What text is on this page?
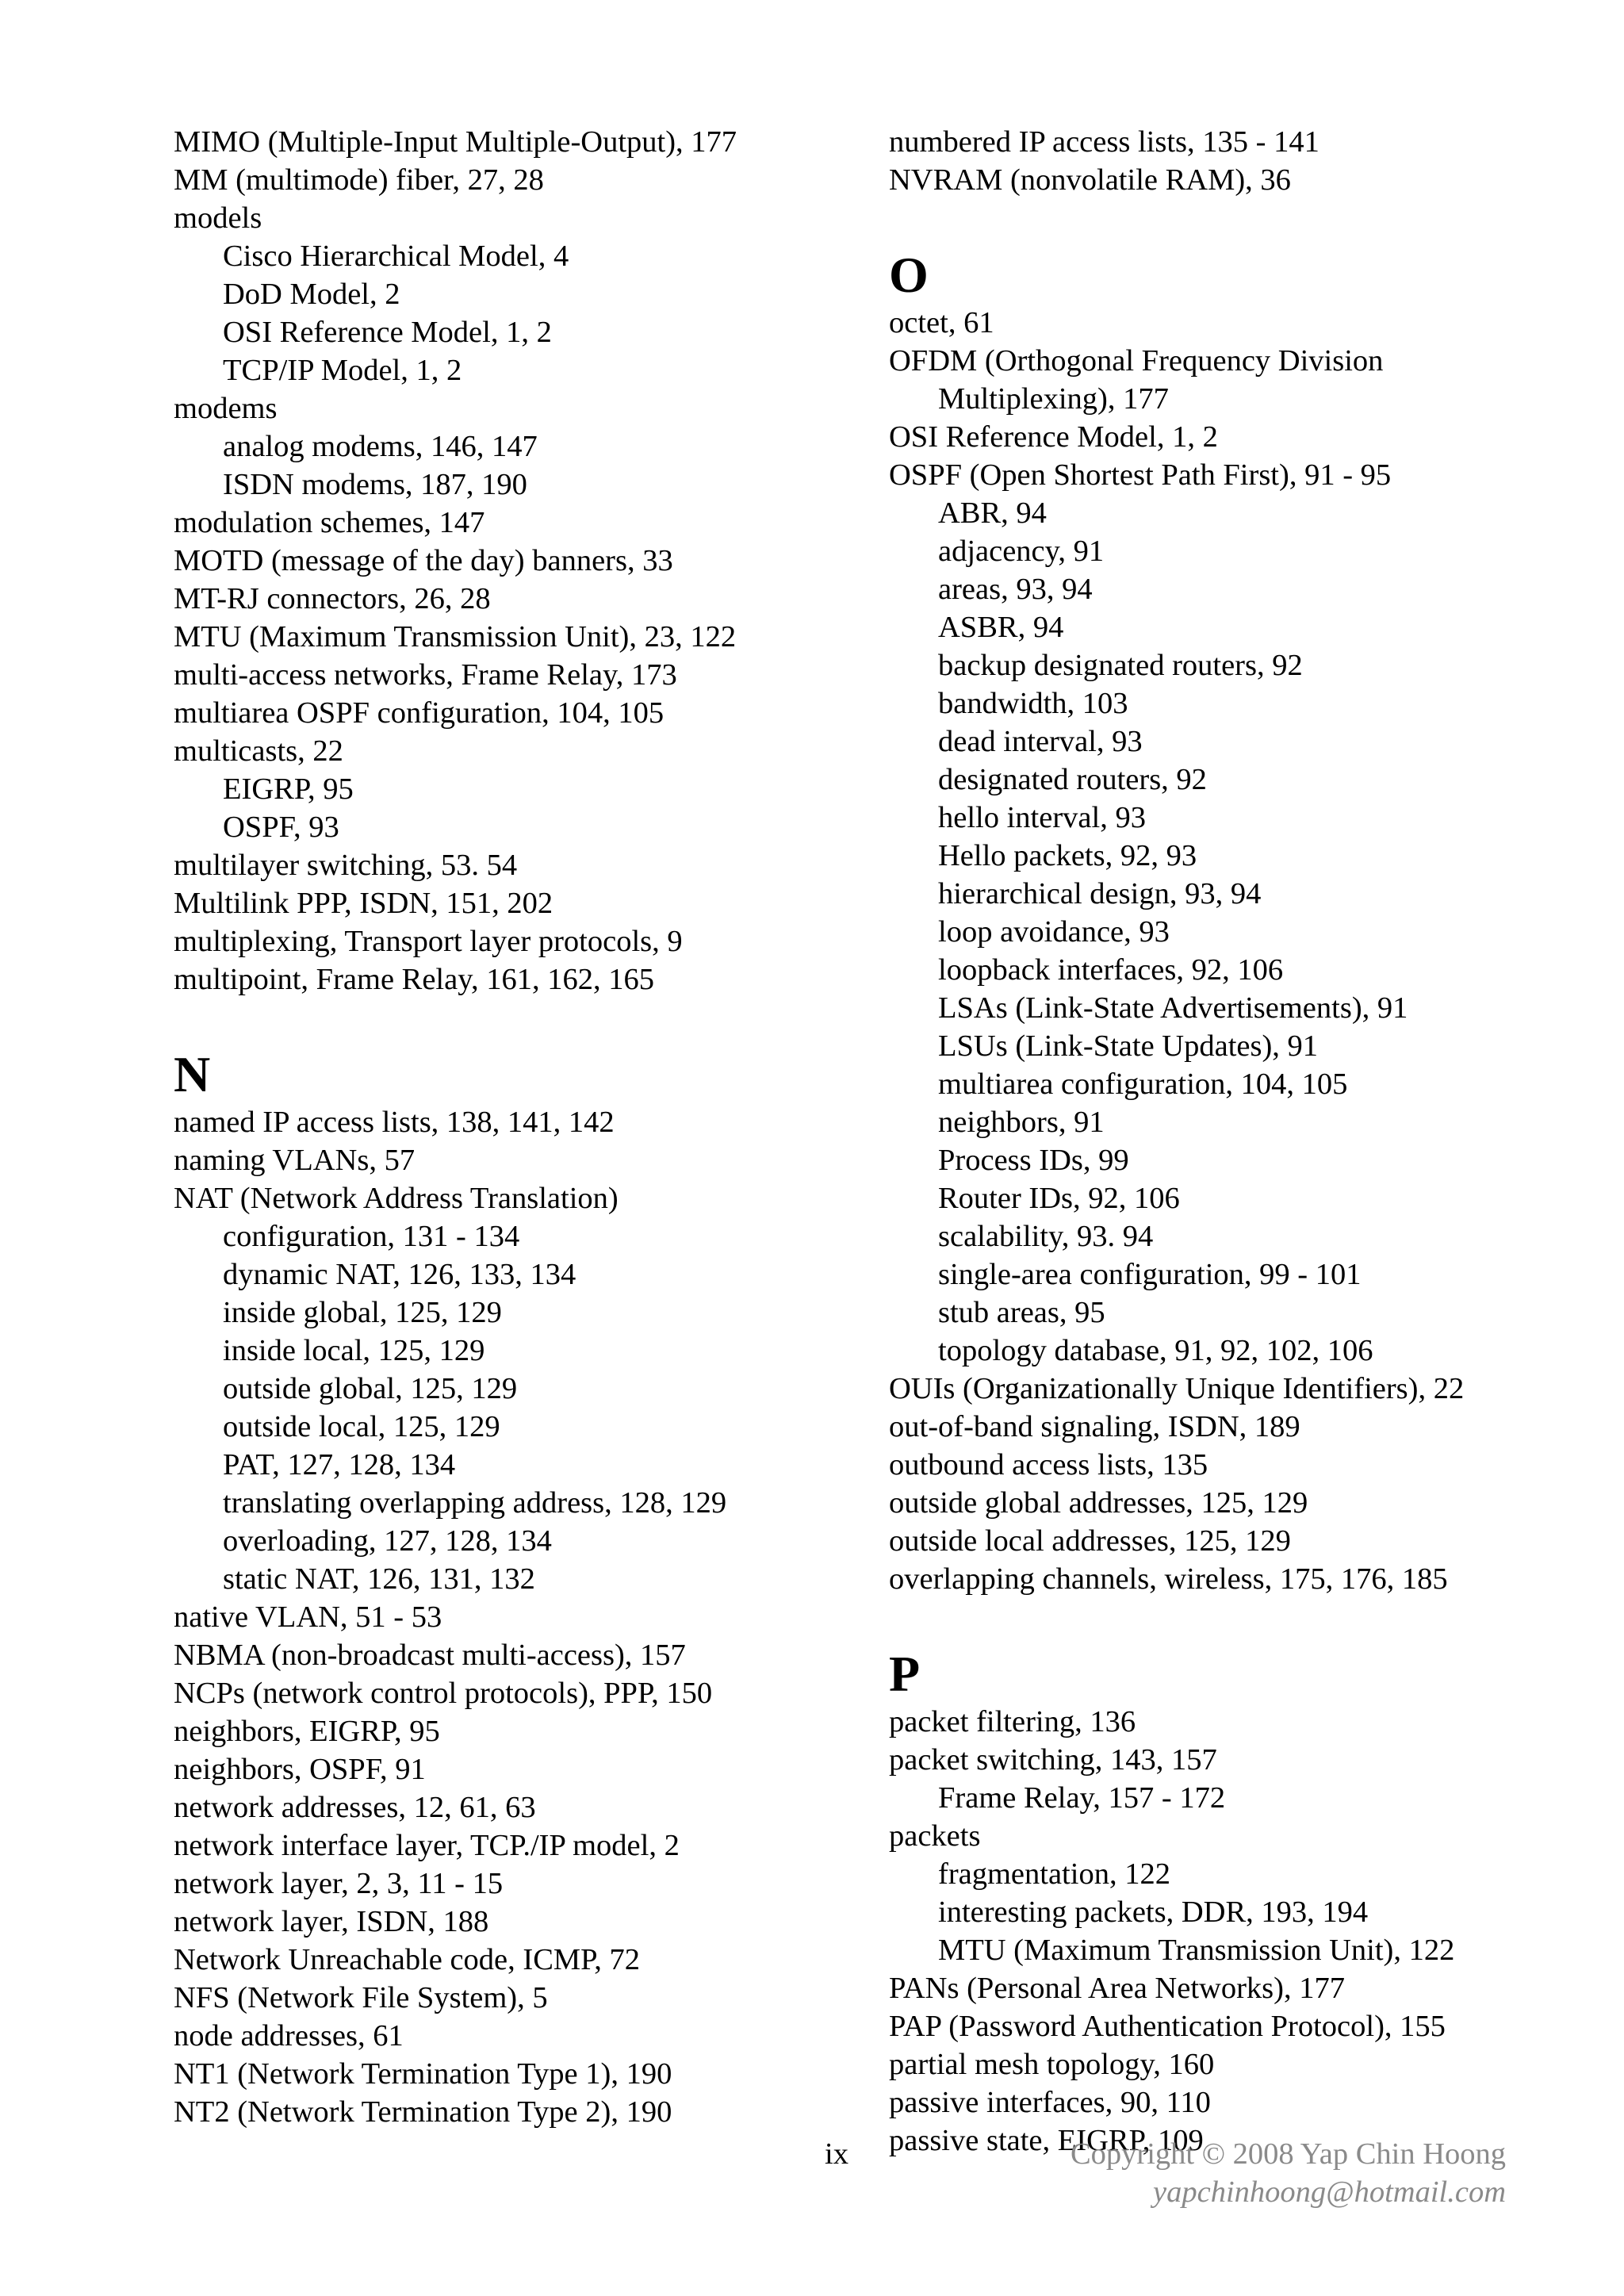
MIMO (Multiple-Input Multiple-Output), 177
MM (multimode) fiber, 27, 28
models
Cisco Hierarchical Model, 4
DoD Model, 2
OSI Reference Model, 1, 2
TCP/IP Model, 1, 2
modems
analog modems, 146, 147
ISDN modems, 187, 190
modulation schemes, 147
MOTD (message of the day) banners, 33
MT-RJ connectors, 26, 28
MTU (Maximum Transmission Unit), 23, 122
multi-access networks, Frame Relay, 173
multiarea OSPF configuration, 104, 105
multicasts, 22
EIGRP, 95
OSPF, 93
multilayer switching, 53. 54
Multilink PPP, ISDN, 151, 202
multiplexing, Transport layer protocols, 9
multipoint, Frame Relay, 161, 162, 165
N
named IP access lists, 138, 141, 142
naming VLANs, 57
NAT (Network Address Translation)
configuration, 131 - 134
dynamic NAT, 126, 133, 134
inside global, 125, 129
inside local, 125, 129
outside global, 125, 129
outside local, 125, 129
PAT, 127, 128, 134
translating overlapping address, 128, 129
overloading, 127, 128, 134
static NAT, 126, 131, 132
native VLAN, 51 - 53
NBMA (non-broadcast multi-access), 157
NCPs (network control protocols), PPP, 150
neighbors, EIGRP, 95
neighbors, OSPF, 91
network addresses, 12, 61, 63
network interface layer, TCP./IP model, 2
network layer, 2, 3, 11 - 15
network layer, ISDN, 188
Network Unreachable code, ICMP, 72
NFS (Network File System), 5
node addresses, 61
NT1 (Network Termination Type 1), 190
NT2 (Network Termination Type 2), 190
numbered IP access lists, 135 - 141
NVRAM (nonvolatile RAM), 36
O
octet, 61
OFDM (Orthogonal Frequency Division
Multiplexing), 177
OSI Reference Model, 1, 2
OSPF (Open Shortest Path First), 91 - 95
ABR, 94
adjacency, 91
areas, 93, 94
ASBR, 94
backup designated routers, 92
bandwidth, 103
dead interval, 93
designated routers, 92
hello interval, 93
Hello packets, 92, 93
hierarchical design, 93, 94
loop avoidance, 93
loopback interfaces, 92, 106
LSAs (Link-State Advertisements), 91
LSUs (Link-State Updates), 91
multiarea configuration, 104, 105
neighbors, 91
Process IDs, 99
Router IDs, 92, 106
scalability, 93. 94
single-area configuration, 99 - 101
stub areas, 95
topology database, 91, 92, 102, 106
OUIs (Organizationally Unique Identifiers), 22
out-of-band signaling, ISDN, 189
outbound access lists, 135
outside global addresses, 125, 129
outside local addresses, 125, 129
overlapping channels, wireless, 175, 176, 185
P
packet filtering, 136
packet switching, 143, 157
Frame Relay, 157 - 172
packets
fragmentation, 122
interesting packets, DDR, 193, 194
MTU (Maximum Transmission Unit), 122
PANs (Personal Area Networks), 177
PAP (Password Authentication Protocol), 155
partial mesh topology, 160
passive interfaces, 90, 110
passive state, EIGRP, 109
ix	Copyright © 2008 Yap Chin Hoong
yapchinhoong@hotmail.com
